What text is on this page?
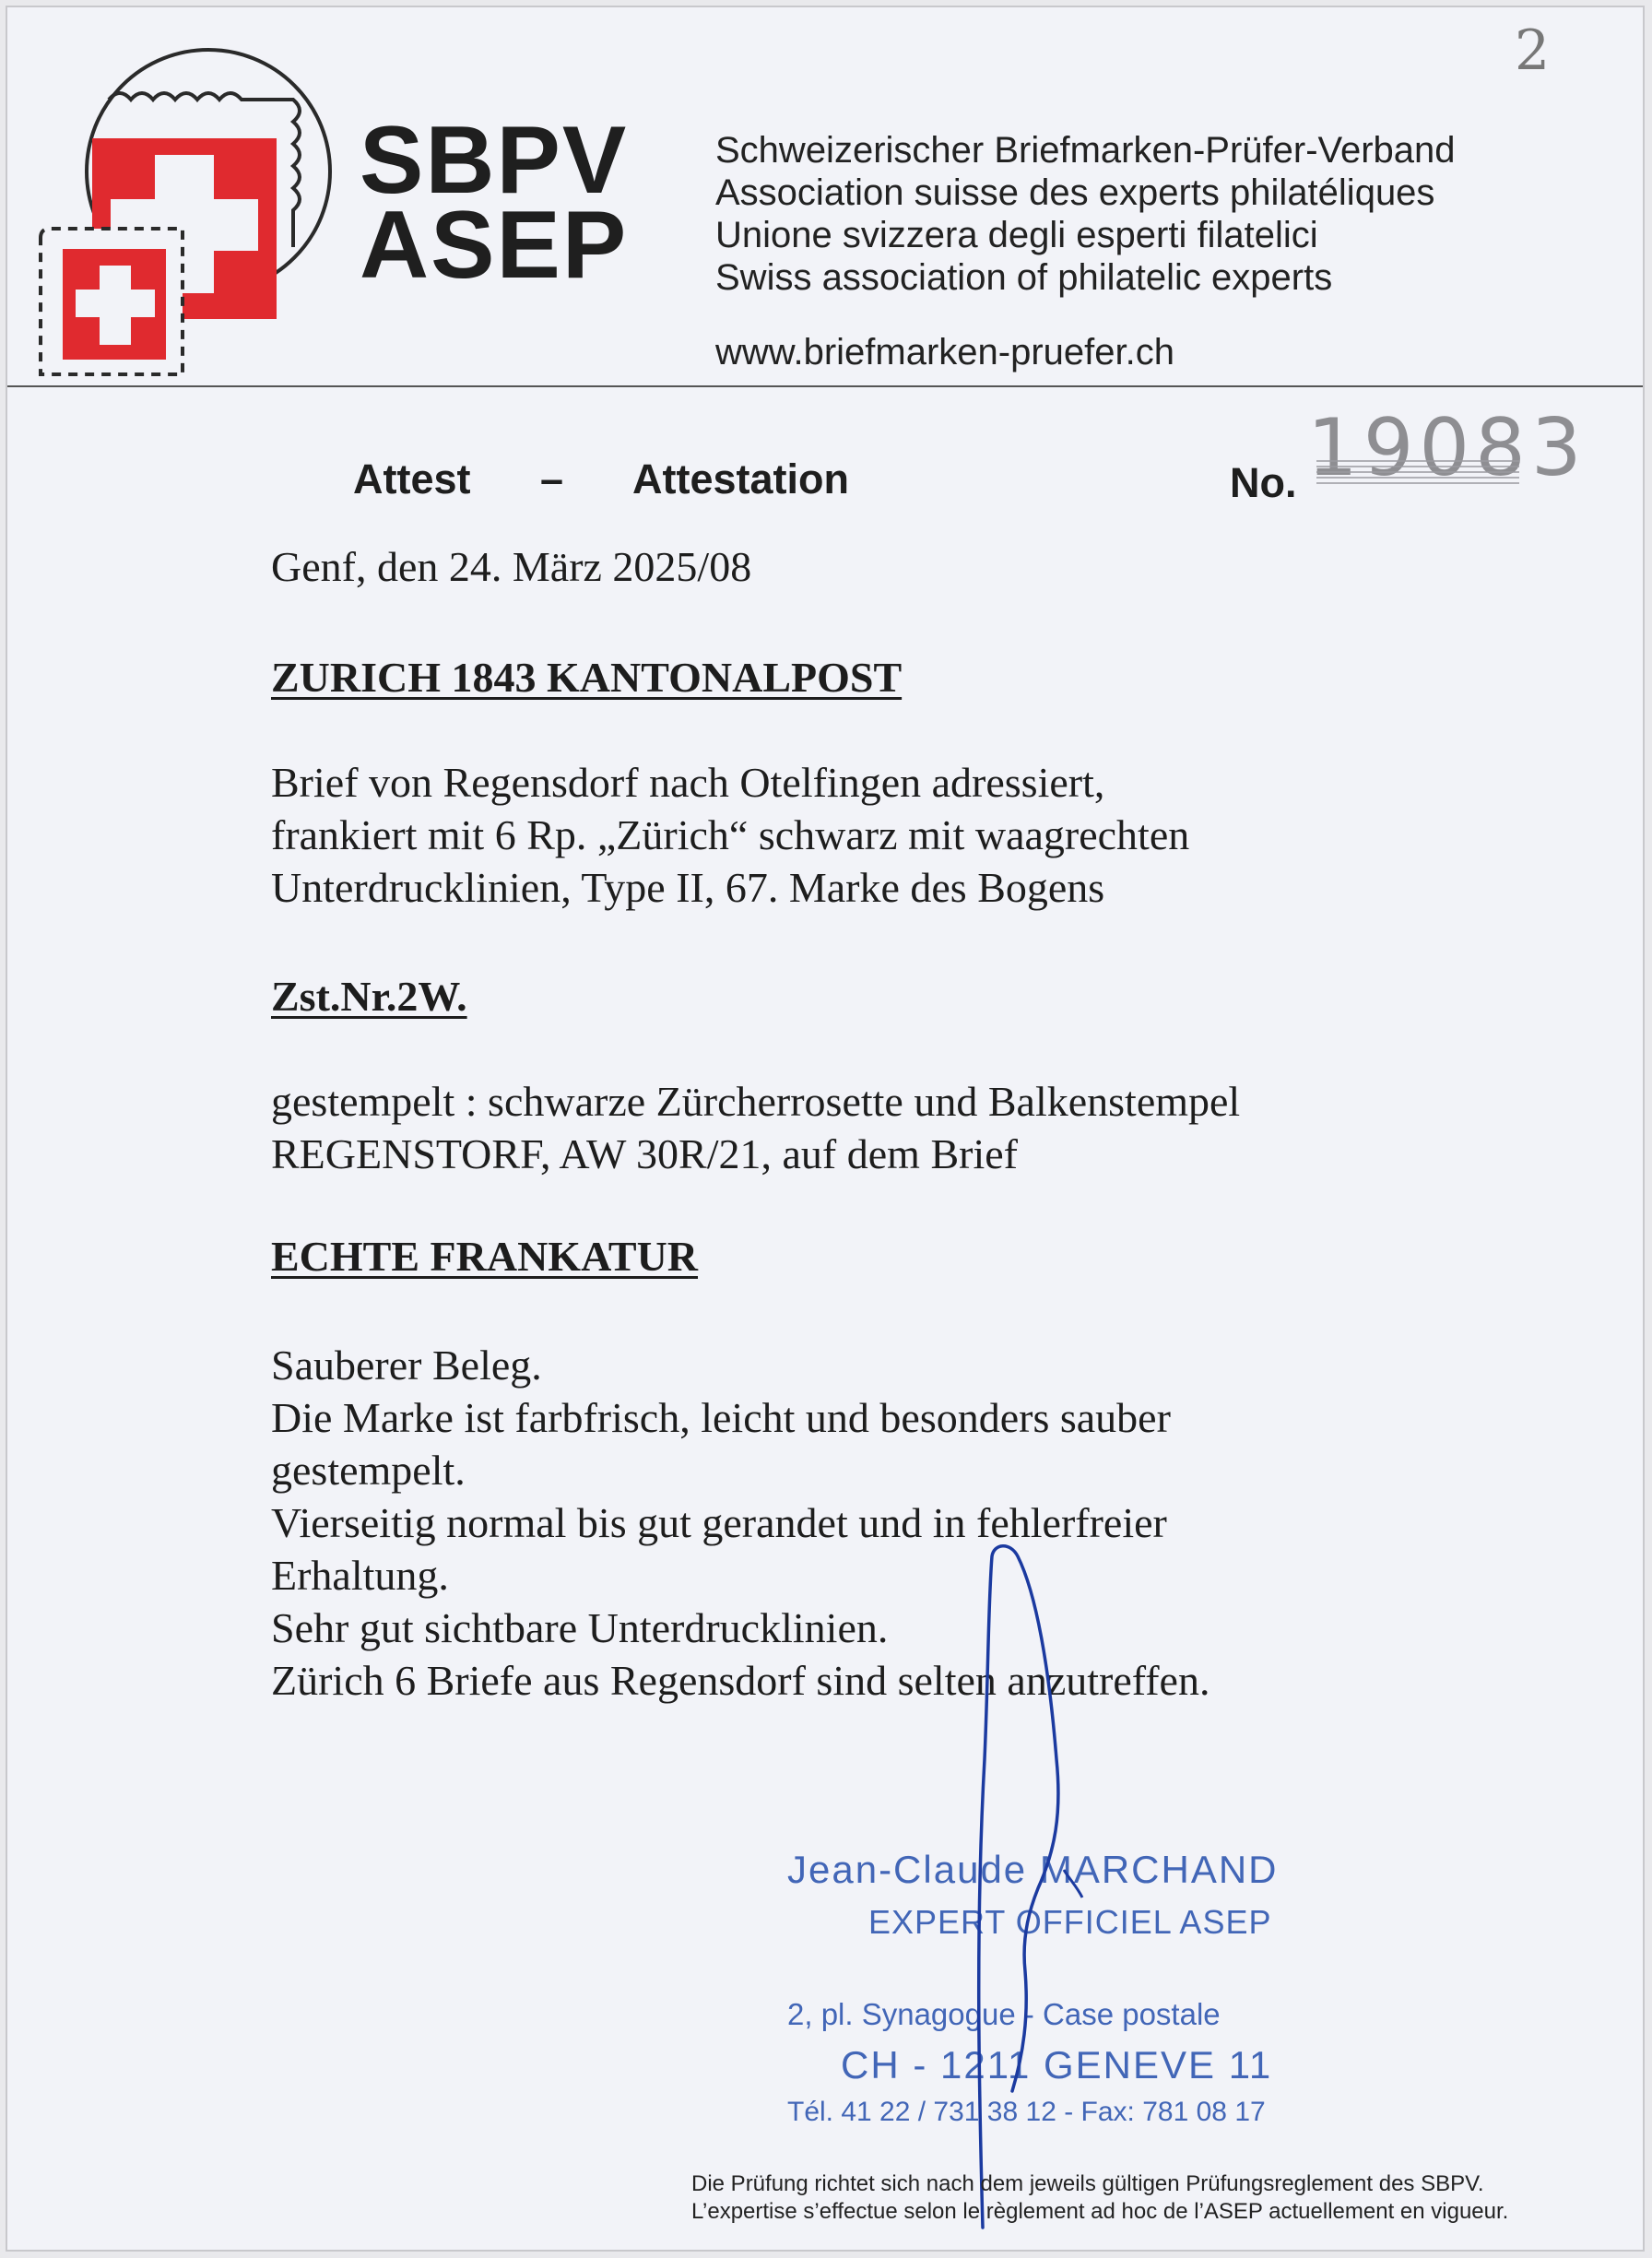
SBPV
ASEP
Schweizerischer Briefmarken-Prüfer-Verband
Association suisse des experts philatéliques
Unione svizzera degli esperti filatelici
Swiss association of philatelic experts
www.briefmarken-pruefer.ch
2
Attest – Attestation	No. 19083
Genf, den 24. März 2025/08
ZURICH 1843 KANTONALPOST
Brief von Regensdorf nach Otelfingen adressiert,
frankiert mit 6 Rp. „Zürich“ schwarz mit waagrechten
Unterdrucklinien, Type II, 67. Marke des Bogens
Zst.Nr.2W.
gestempelt : schwarze Zürcherrosette und Balkenstempel
REGENSTORF, AW 30R/21, auf dem Brief
ECHTE FRANKATUR
Sauberer Beleg.
Die Marke ist farbfrisch, leicht und besonders sauber
gestempelt.
Vierseitig normal bis gut gerandet und in fehlerfreier
Erhaltung.
Sehr gut sichtbare Unterdrucklinien.
Zürich 6 Briefe aus Regensdorf sind selten anzutreffen.
Jean-Claude MARCHAND
EXPERT OFFICIEL ASEP
2, pl. Synagogue - Case postale
CH - 1211 GENEVE 11
Tél. 41 22 / 731 38 12 - Fax: 781 08 17
Die Prüfung richtet sich nach dem jeweils gültigen Prüfungsreglement des SBPV.
L’expertise s’effectue selon le règlement ad hoc de l’ASEP actuellement en vigueur.
